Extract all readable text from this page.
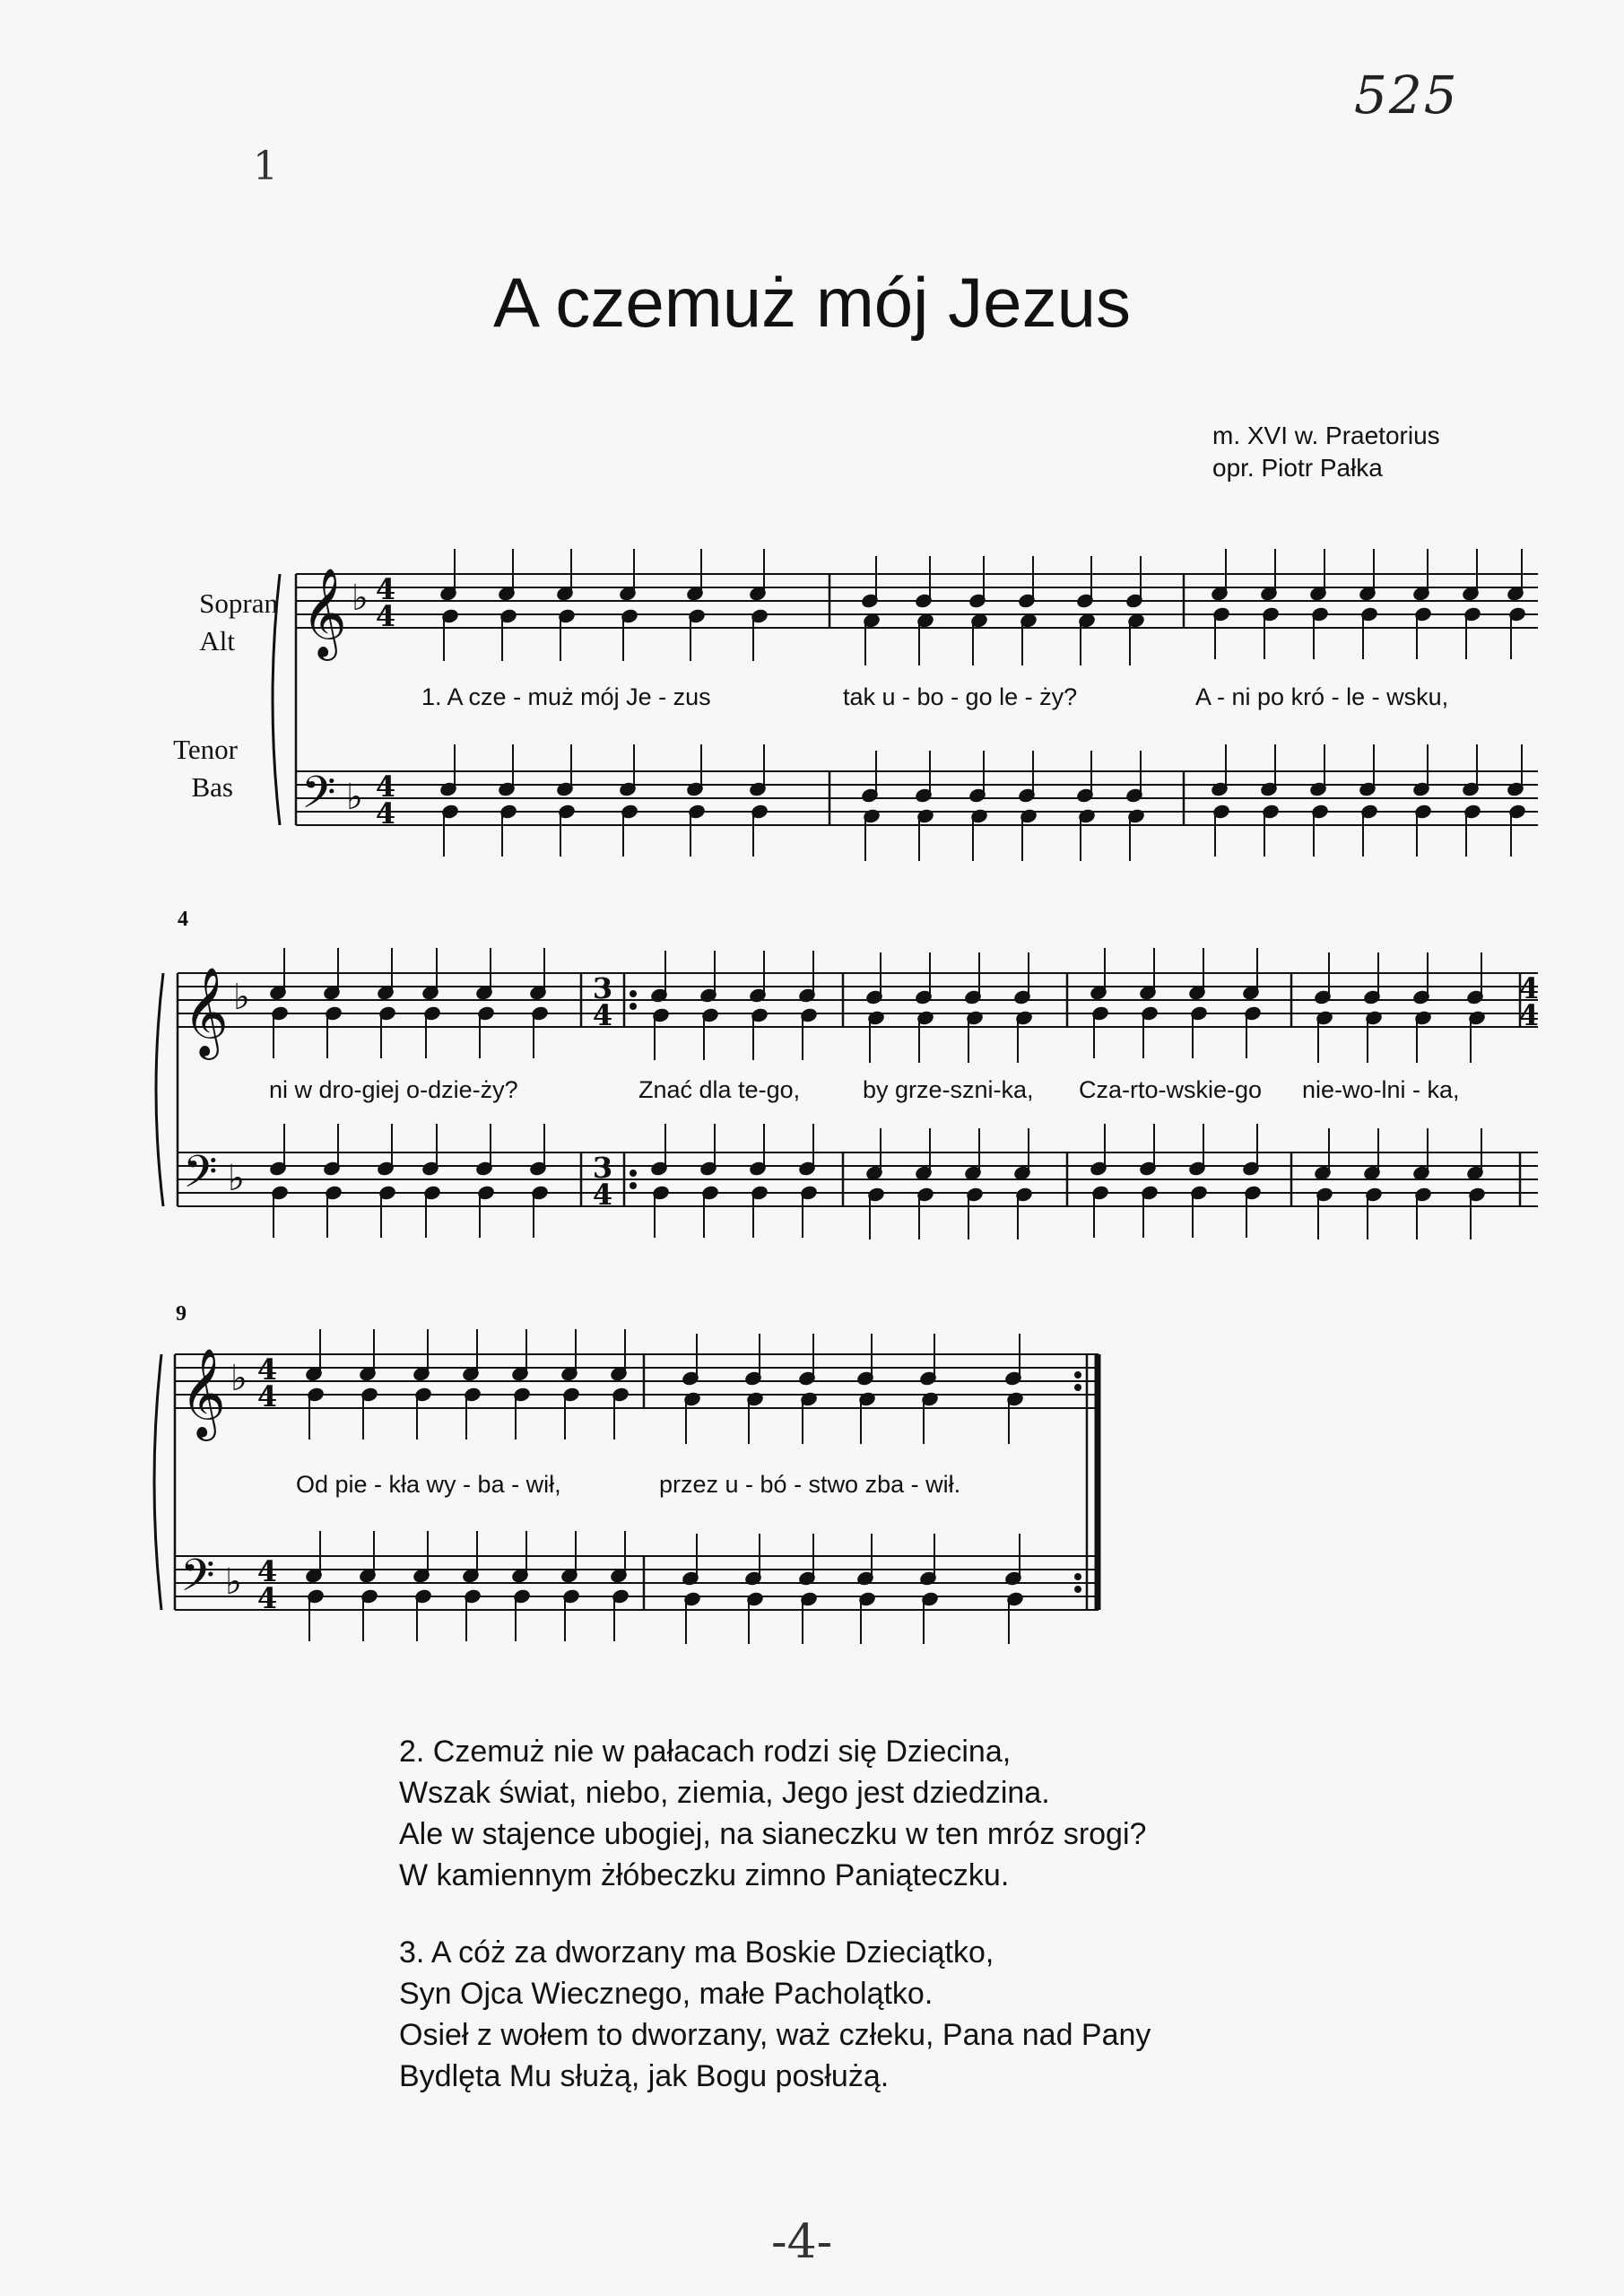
525
1
A czemuż mój Jezus
m. XVI w. Praetorius
opr. Piotr Pałka
Sopran
Alt
Tenor
Bas
4
9
𝄞
𝄢
♭
♭
𝄞
𝄢
♭
♭
𝄞
𝄢
♭
♭
4
4
4
4
3
4
3
4
4
4
4
4
4
4
1. A cze - muż mój Je - zus	tak u - bo - go le - ży?	A - ni po kró - le - wsku,
ni w dro-giej o-dzie-ży?	Znać dla te-go,	by grze-szni-ka, Cza-rto-wskie-go nie-wo-lni - ka,
Od pie - kła wy - ba - wił,	przez u - bó - stwo zba - wił.
2. Czemuż nie w pałacach rodzi się Dziecina,
Wszak świat, niebo, ziemia, Jego jest dziedzina.
Ale w stajence ubogiej, na sianeczku w ten mróz srogi?
W kamiennym żłóbeczku zimno Paniąteczku.
3. A cóż za dworzany ma Boskie Dzieciątko,
Syn Ojca Wiecznego, małe Pacholątko.
Osieł z wołem to dworzany, waż człeku, Pana nad Pany
Bydlęta Mu służą, jak Bogu posłużą.
-4-
